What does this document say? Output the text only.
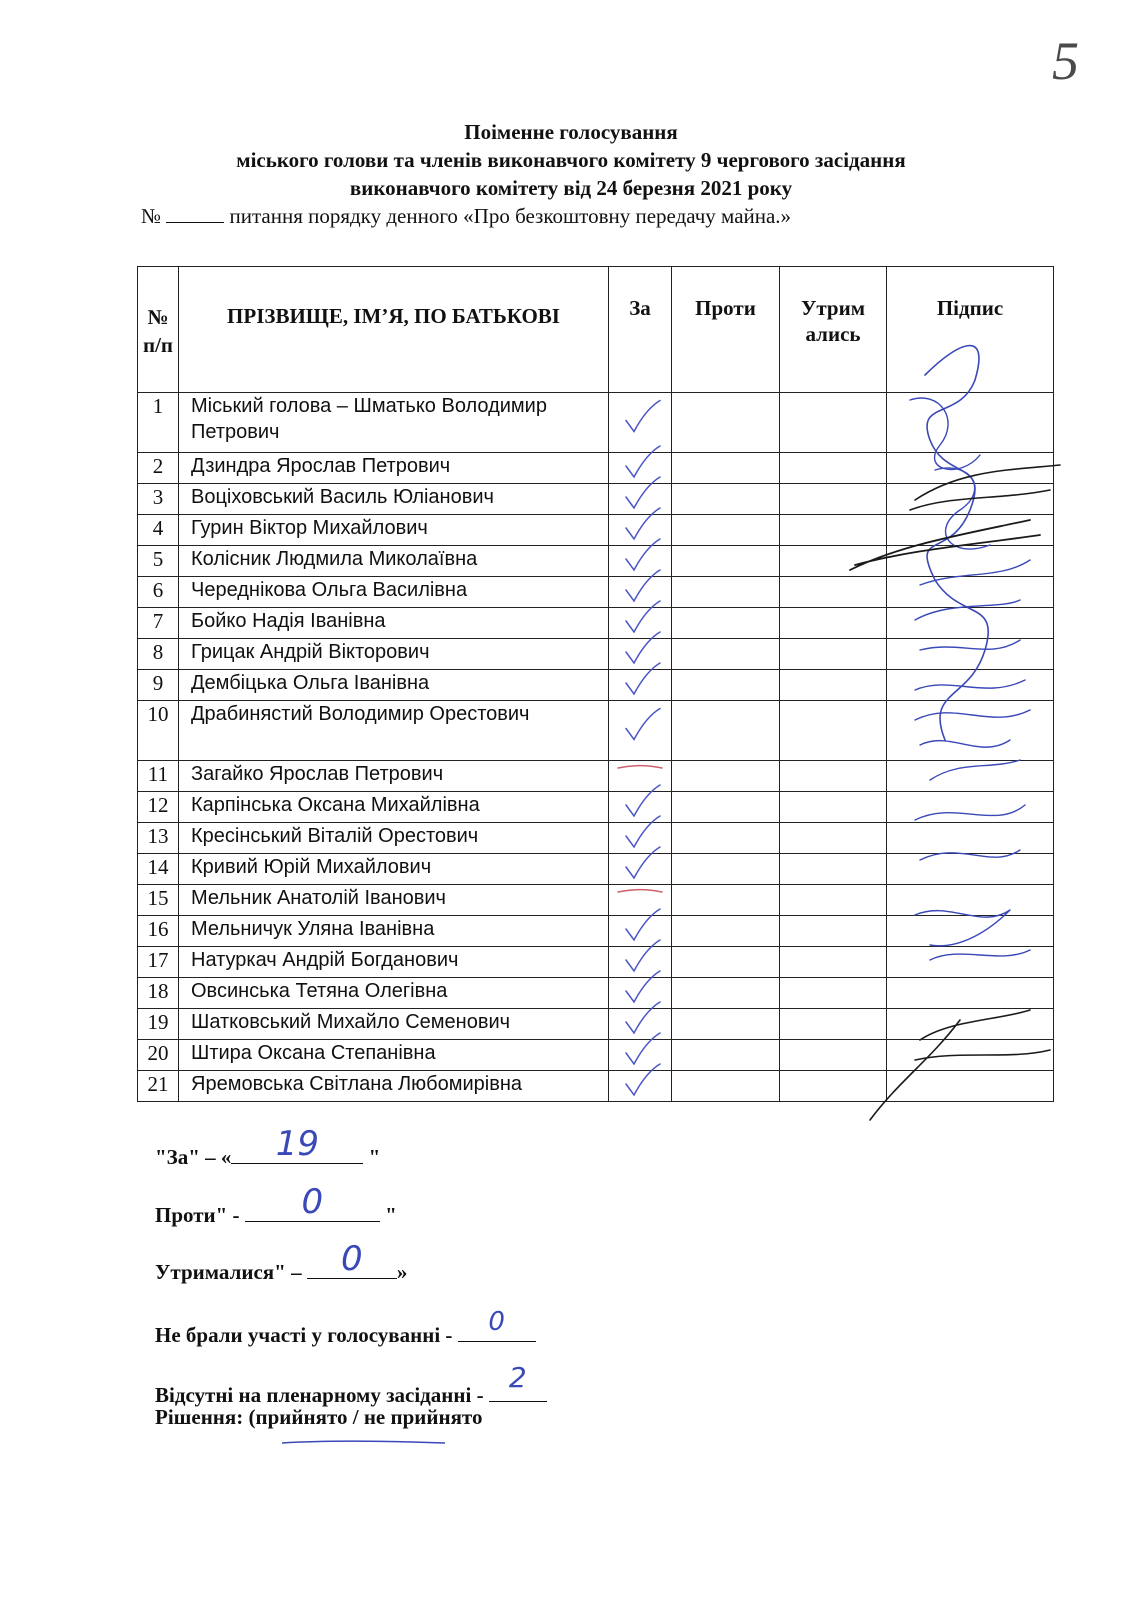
5
Поіменне голосування
міського голови та членів виконавчого комітету 9 чергового засідання
виконавчого комітету від 24 березня 2021 року
№	питання порядку денного «Про безкоштовну передачу майна.»
№ п/п	ПРІЗВИЩЕ, ІМ’Я, ПО БАТЬКОВІ	За	Проти	Утрим ались	Підпис
1	Міський голова – Шматько Володимир Петрович				
2	Дзиндра Ярослав Петрович				
3	Воціховський Василь Юліанович				
4	Гурин Віктор Михайлович				
5	Колісник Людмила Миколаївна				
6	Череднікова Ольга Василівна				
7	Бойко Надія Іванівна				
8	Грицак Андрій Вікторович				
9	Дембіцька Ольга Іванівна				
10	Драбинястий Володимир Орестович				
11	Загайко Ярослав Петрович				
12	Карпінська Оксана Михайлівна				
13	Кресінський Віталій Орестович				
14	Кривий Юрій Михайлович				
15	Мельник Анатолій Іванович				
16	Мельничук Уляна Іванівна				
17	Натуркач Андрій Богданович				
18	Овсинська Тетяна Олегівна				
19	Шатковський Михайло Семенович				
20	Штира Оксана Степанівна				
21	Яремовська Світлана Любомирівна				
"За" – «	19	"
Проти" -	0	"
Утрималися" –	0	»
Не брали участі у голосуванні -	0
Відсутні на пленарному засіданні -
2
Рішення: (прийнято / не прийнято
